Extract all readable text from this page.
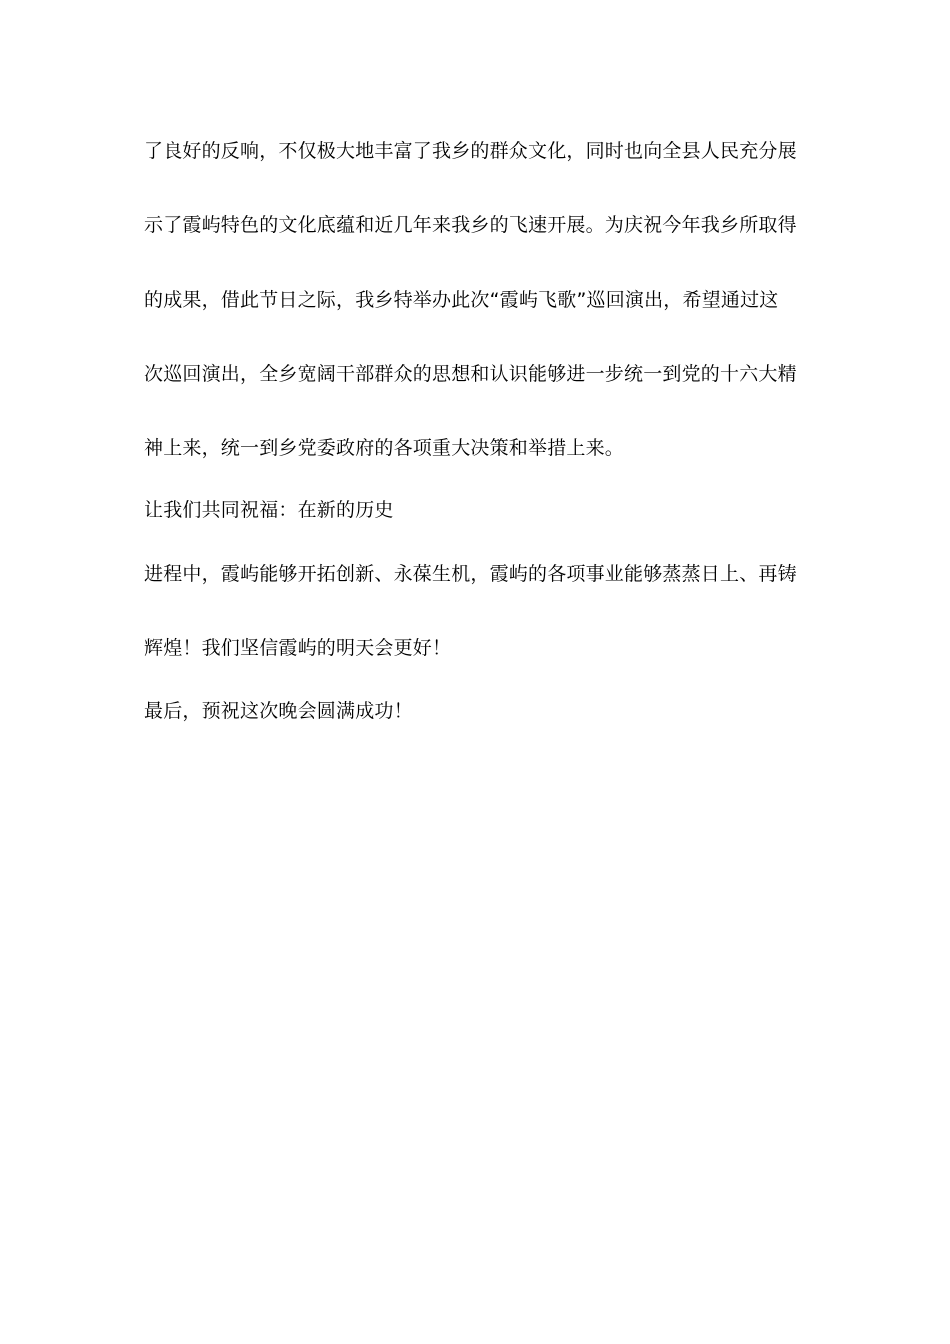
了良好的反响，不仅极大地丰富了我乡的群众文化，同时也向全县人民充分展
示了霞屿特色的文化底蕴和近几年来我乡的飞速开展。为庆祝今年我乡所取得
的成果，借此节日之际，我乡特举办此次“霞屿飞歌”巡回演出，希望通过这
次巡回演出，全乡宽阔干部群众的思想和认识能够进一步统一到党的十六大精
神上来，统一到乡党委政府的各项重大决策和举措上来。
让我们共同祝福：在新的历史
进程中，霞屿能够开拓创新、永葆生机，霞屿的各项事业能够蒸蒸日上、再铸
辉煌！我们坚信霞屿的明天会更好！
最后，预祝这次晚会圆满成功！
